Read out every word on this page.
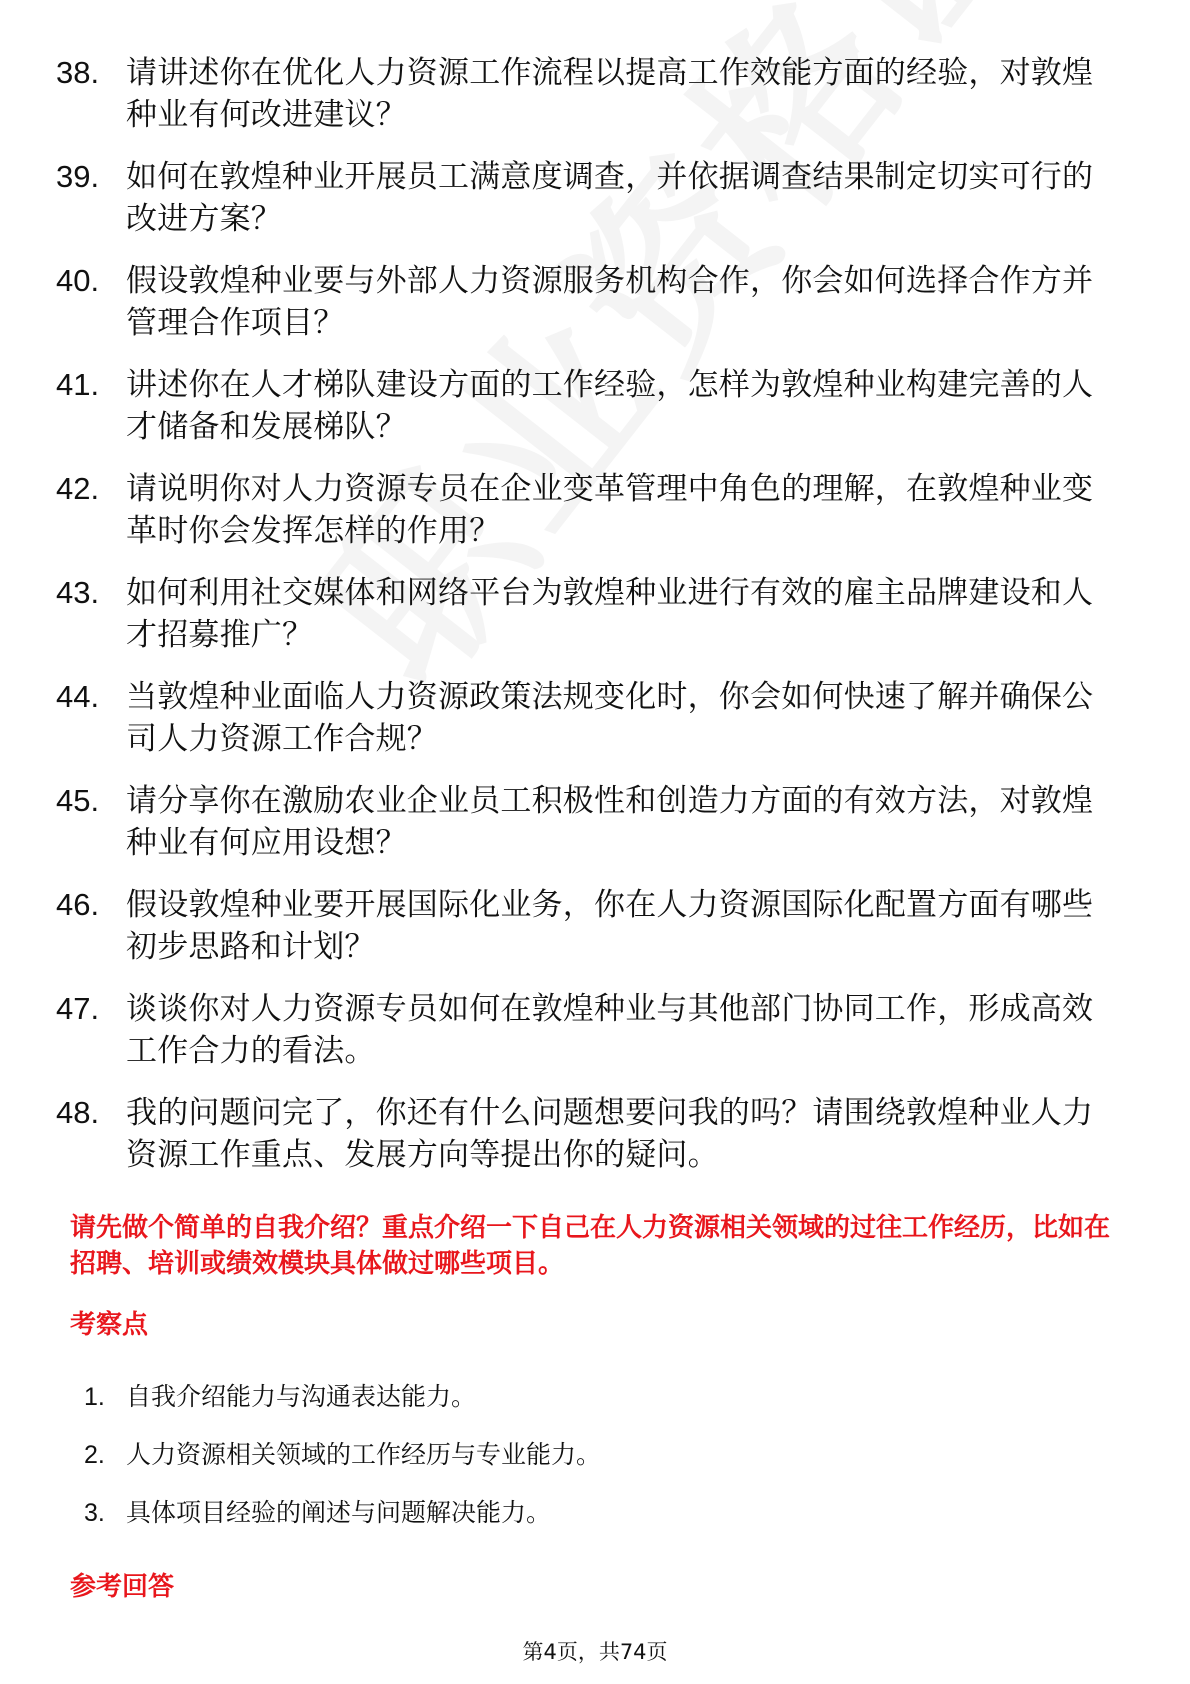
38. 请讲述你在优化人力资源工作流程以提高工作效能方面的经验，对敦煌种业有何改进建议？
39. 如何在敦煌种业开展员工满意度调查，并依据调查结果制定切实可行的改进方案？
40. 假设敦煌种业要与外部人力资源服务机构合作，你会如何选择合作方并管理合作项目？
41. 讲述你在人才梯队建设方面的工作经验，怎样为敦煌种业构建完善的人才储备和发展梯队？
42. 请说明你对人力资源专员在企业变革管理中角色的理解，在敦煌种业变革时你会发挥怎样的作用？
43. 如何利用社交媒体和网络平台为敦煌种业进行有效的雇主品牌建设和人才招募推广？
44. 当敦煌种业面临人力资源政策法规变化时，你会如何快速了解并确保公司人力资源工作合规？
45. 请分享你在激励农业企业员工积极性和创造力方面的有效方法，对敦煌种业有何应用设想？
46. 假设敦煌种业要开展国际化业务，你在人力资源国际化配置方面有哪些初步思路和计划？
47. 谈谈你对人力资源专员如何在敦煌种业与其他部门协同工作，形成高效工作合力的看法。
48. 我的问题问完了，你还有什么问题想要问我的吗？请围绕敦煌种业人力资源工作重点、发展方向等提出你的疑问。
请先做个简单的自我介绍？重点介绍一下自己在人力资源相关领域的过往工作经历，比如在招聘、培训或绩效模块具体做过哪些项目。
考察点
1. 自我介绍能力与沟通表达能力。
2. 人力资源相关领域的工作经历与专业能力。
3. 具体项目经验的阐述与问题解决能力。
参考回答
第4页，共74页
